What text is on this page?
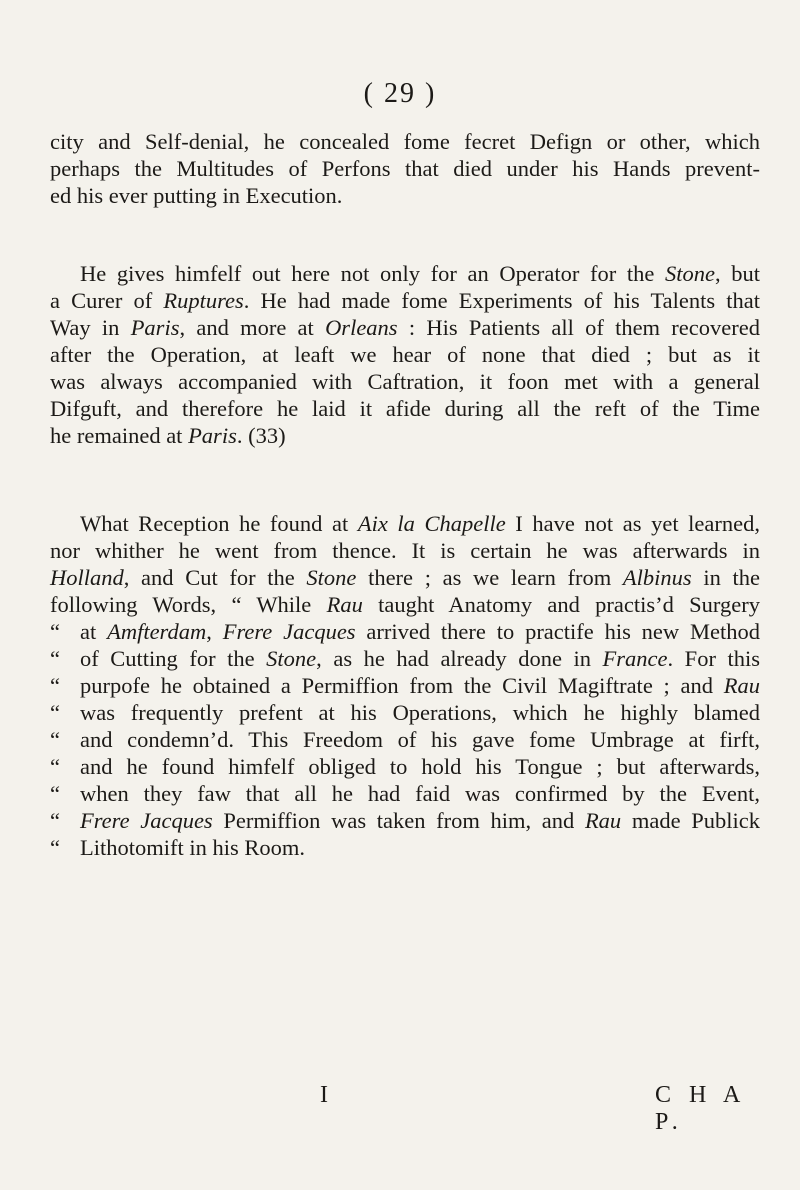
( 29 )
city and Self-denial, he concealed fome fecret Defign or other, which
perhaps the Multitudes of Perfons that died under his Hands prevent-
ed his ever putting in Execution.
He gives himfelf out here not only for an Operator for the Stone, but
a Curer of Ruptures. He had made fome Experiments of his Talents that
Way in Paris, and more at Orleans : His Patients all of them recovered
after the Operation, at leaft we hear of none that died ; but as it
was always accompanied with Caftration, it foon met with a general
Difguft, and therefore he laid it afide during all the reft of the Time
he remained at Paris. (33)
What Reception he found at Aix la Chapelle I have not as yet learned,
nor whither he went from thence. It is certain he was afterwards in
Holland, and Cut for the Stone there ; as we learn from Albinus in the
following Words, “ While Rau taught Anatomy and practis’d Surgery
“ at Amfterdam, Frere Jacques arrived there to practife his new Method
“ of Cutting for the Stone, as he had already done in France. For this
“ purpofe he obtained a Permiffion from the Civil Magiftrate ; and Rau
“ was frequently prefent at his Operations, which he highly blamed
“ and condemn’d. This Freedom of his gave fome Umbrage at firft,
“ and he found himfelf obliged to hold his Tongue ; but afterwards,
“ when they faw that all he had faid was confirmed by the Event,
“ Frere Jacques Permiffion was taken from him, and Rau made Publick
“ Lithotomift in his Room.
I	C H A P.
